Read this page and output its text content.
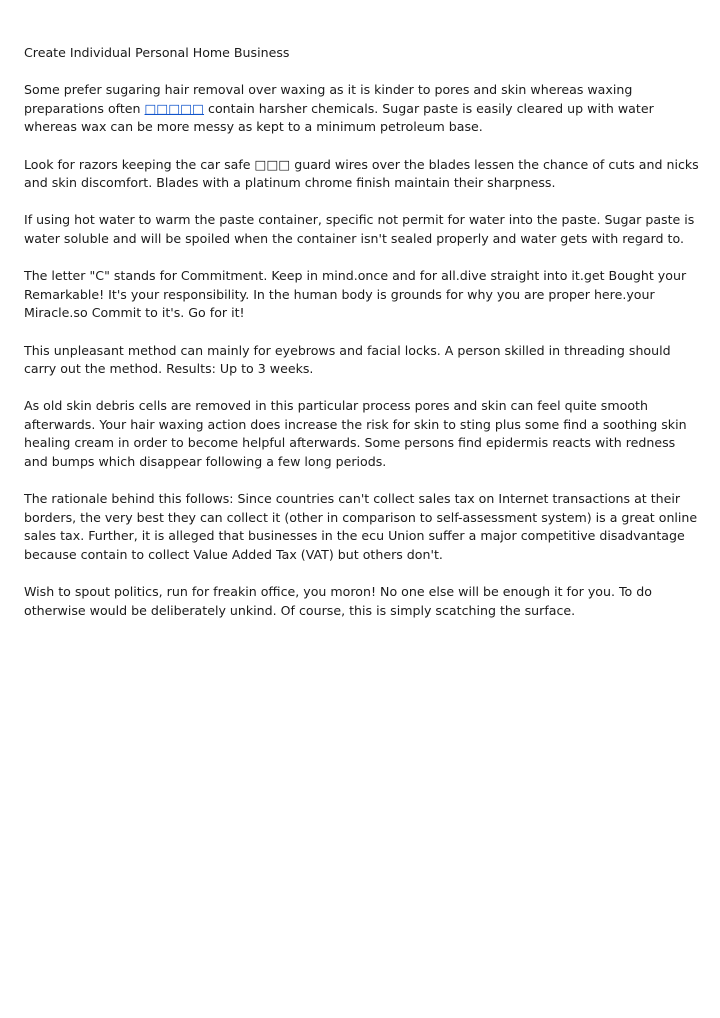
Create Individual Personal Home Business

Some prefer sugaring hair removal over waxing as it is kinder to pores and skin whereas waxing preparations often □□□□□ contain harsher chemicals. Sugar paste is easily cleared up with water whereas wax can be more messy as kept to a minimum petroleum base.

Look for razors keeping the car safe □□□ guard wires over the blades lessen the chance of cuts and nicks and skin discomfort. Blades with a platinum chrome finish maintain their sharpness.

If using hot water to warm the paste container, specific not permit for water into the paste. Sugar paste is water soluble and will be spoiled when the container isn't sealed properly and water gets with regard to.

The letter "C" stands for Commitment. Keep in mind.once and for all.dive straight into it.get Bought your Remarkable! It's your responsibility. In the human body is grounds for why you are proper here.your Miracle.so Commit to it's. Go for it!

This unpleasant method can mainly for eyebrows and facial locks. A person skilled in threading should carry out the method. Results: Up to 3 weeks.

As old skin debris cells are removed in this particular process pores and skin can feel quite smooth afterwards. Your hair waxing action does increase the risk for skin to sting plus some find a soothing skin healing cream in order to become helpful afterwards. Some persons find epidermis reacts with redness and bumps which disappear following a few long periods.

The rationale behind this follows: Since countries can't collect sales tax on Internet transactions at their borders, the very best they can collect it (other in comparison to self-assessment system) is a great online sales tax. Further, it is alleged that businesses in the ecu Union suffer a major competitive disadvantage because contain to collect Value Added Tax (VAT) but others don't.

Wish to spout politics, run for freakin office, you moron! No one else will be enough it for you. To do otherwise would be deliberately unkind. Of course, this is simply scatching the surface.
